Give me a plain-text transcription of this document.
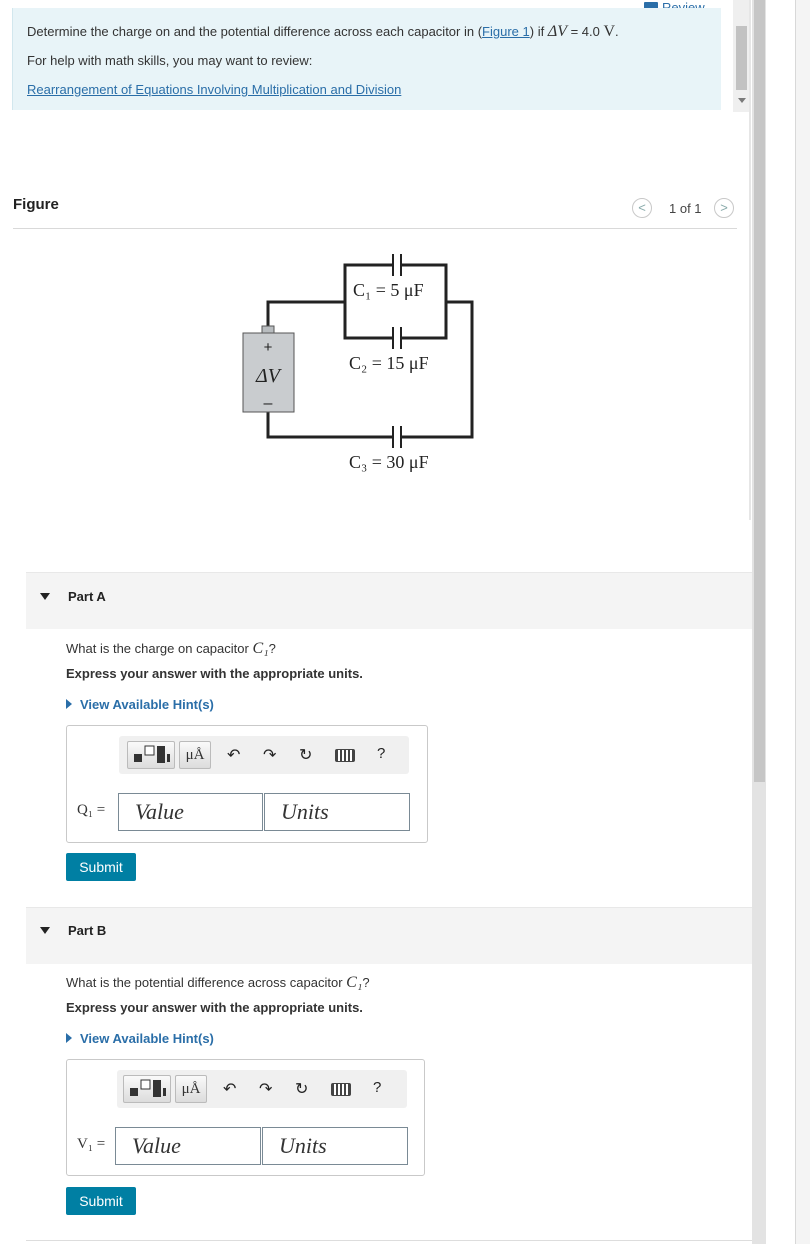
Determine the charge on and the potential difference across each capacitor in (Figure 1) if ΔV = 4.0 V.
For help with math skills, you may want to review:
Rearrangement of Equations Involving Multiplication and Division
Figure	<	1 of 1	>
+
ΔV
–
C₁ = 5 μF
C₂ = 15 μF
C₃ = 30 μF
Part A
What is the charge on capacitor C₁?
Express your answer with the appropriate units.
View Available Hint(s)
μÅ	↶ ↷ ↻	?
Q₁ =	Value	Units
Submit
Part B
What is the potential difference across capacitor C₁?
Express your answer with the appropriate units.
View Available Hint(s)
μÅ	↶ ↷ ↻	?
V₁ =	Value	Units
Submit
